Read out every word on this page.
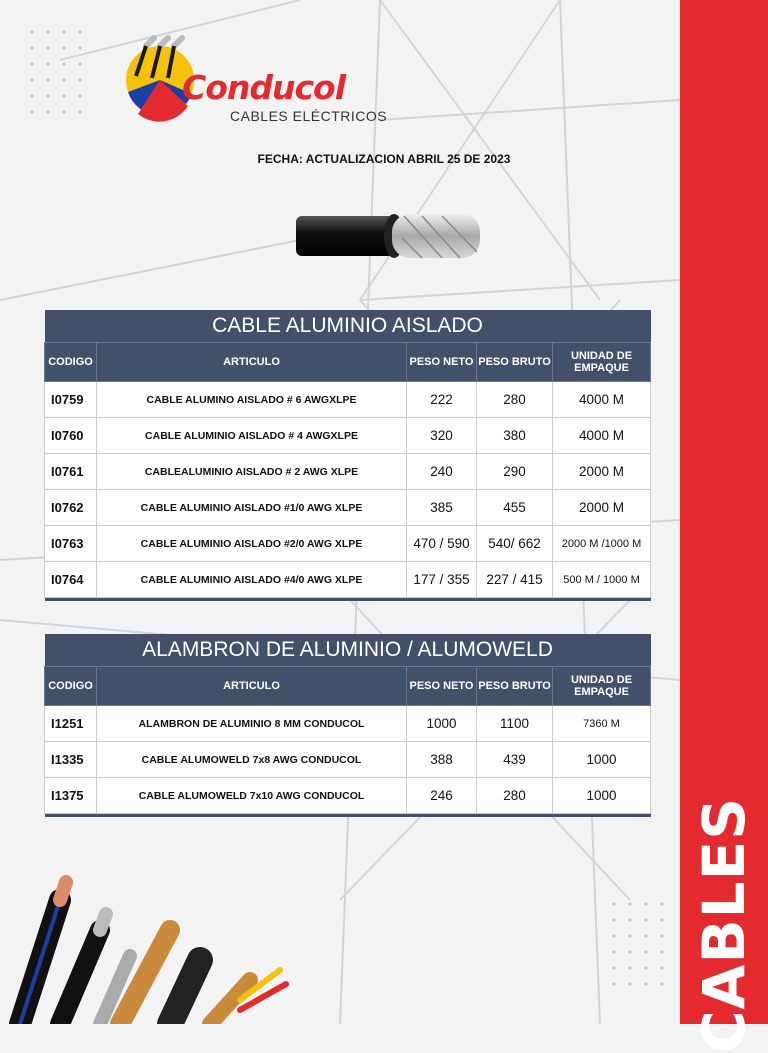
CABLES
Conducol
CABLES ELÉCTRICOS
FECHA: ACTUALIZACION ABRIL 25 DE 2023
CABLE ALUMINIO AISLADO				
CODIGO	ARTICULO	PESO NETO	PESO BRUTO	UNIDAD DE EMPAQUE
I0759	CABLE ALUMINO AISLADO # 6 AWGXLPE	222	280	4000 M
I0760	CABLE ALUMINIO AISLADO # 4 AWGXLPE	320	380	4000 M
I0761	CABLEALUMINIO AISLADO # 2 AWG XLPE	240	290	2000 M
I0762	CABLE ALUMINIO AISLADO #1/0 AWG XLPE	385	455	2000 M
I0763	CABLE ALUMINIO AISLADO #2/0 AWG XLPE	470 / 590	540/ 662	2000 M /1000 M
I0764	CABLE ALUMINIO AISLADO #4/0 AWG XLPE	177 / 355	227 / 415	500 M / 1000 M

ALAMBRON DE ALUMINIO / ALUMOWELD				
CODIGO	ARTICULO	PESO NETO	PESO BRUTO	UNIDAD DE EMPAQUE
I1251	ALAMBRON DE ALUMINIO 8 MM CONDUCOL	1000	1100	7360 M
I1335	CABLE ALUMOWELD 7x8 AWG CONDUCOL	388	439	1000
I1375	CABLE ALUMOWELD 7x10 AWG CONDUCOL	246	280	1000
